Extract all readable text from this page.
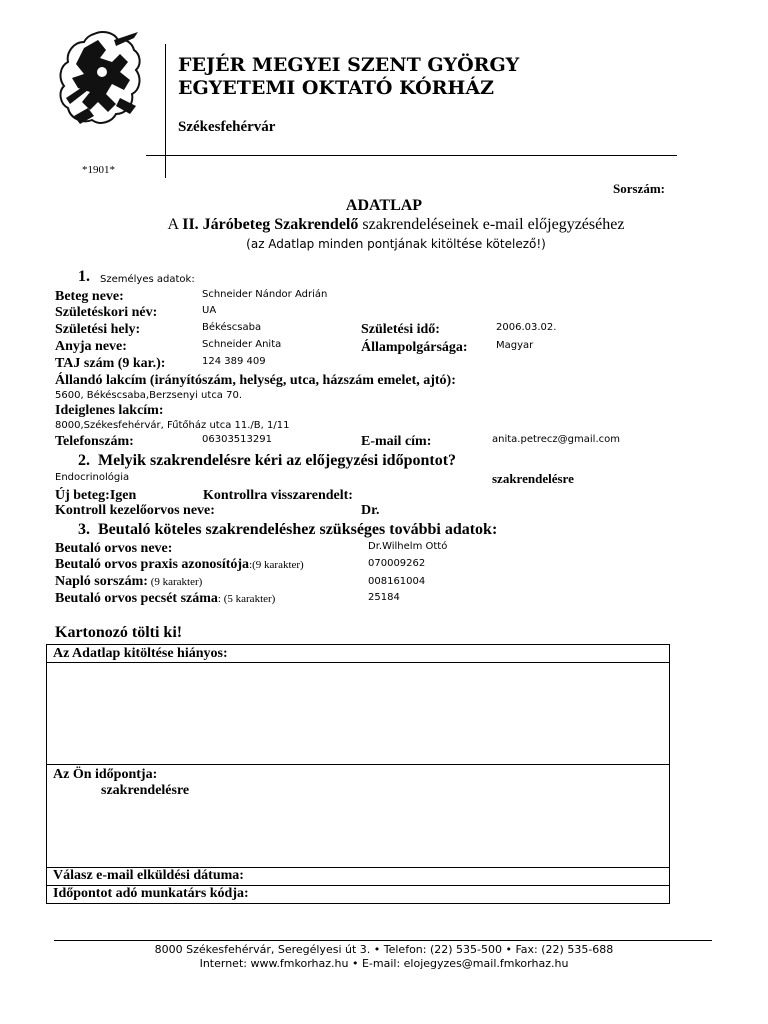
FEJÉR MEGYEI SZENT GYÖRGY
EGYETEMI OKTATÓ KÓRHÁZ
Székesfehérvár
*1901*
Sorszám:
ADATLAP
A II. Járóbeteg Szakrendelő szakrendeléseinek e-mail előjegyzéséhez
(az Adatlap minden pontjának kitöltése kötelező!)
1. Személyes adatok:
Beteg neve:	Schneider Nándor Adrián
Születéskori név:	UA
Születési hely:	Békéscsaba	Születési idő:	2006.03.02.
Anyja neve:	Schneider Anita	Állampolgársága:	Magyar
TAJ szám (9 kar.):	124 389 409
Állandó lakcím (irányítószám, helység, utca, házszám emelet, ajtó):
5600, Békéscsaba,Berzsenyi utca 70.
Ideiglenes lakcím:
8000,Székesfehérvár, Fűtőház utca 11./B, 1/11
Telefonszám:	06303513291	E-mail cím:	anita.petrecz@gmail.com
2. Melyik szakrendelésre kéri az előjegyzési időpontot?
Endocrinológia	szakrendelésre
Új beteg:Igen	Kontrollra visszarendelt:
Kontroll kezelőorvos neve:	Dr.
3. Beutaló köteles szakrendeléshez szükséges további adatok:
Beutaló orvos neve:	Dr.Wilhelm Ottó
Beutaló orvos praxis azonosítója:(9 karakter)	070009262
Napló sorszám: (9 karakter)	008161004
Beutaló orvos pecsét száma: (5 karakter)	25184
Kartonozó tölti ki!
Az Adatlap kitöltése hiányos:
Az Ön időpontja:
szakrendelésre
Válasz e-mail elküldési dátuma:
Időpontot adó munkatárs kódja:
8000 Székesfehérvár, Seregélyesi út 3. • Telefon: (22) 535-500 • Fax: (22) 535-688
Internet: www.fmkorhaz.hu • E-mail: elojegyzes@mail.fmkorhaz.hu
